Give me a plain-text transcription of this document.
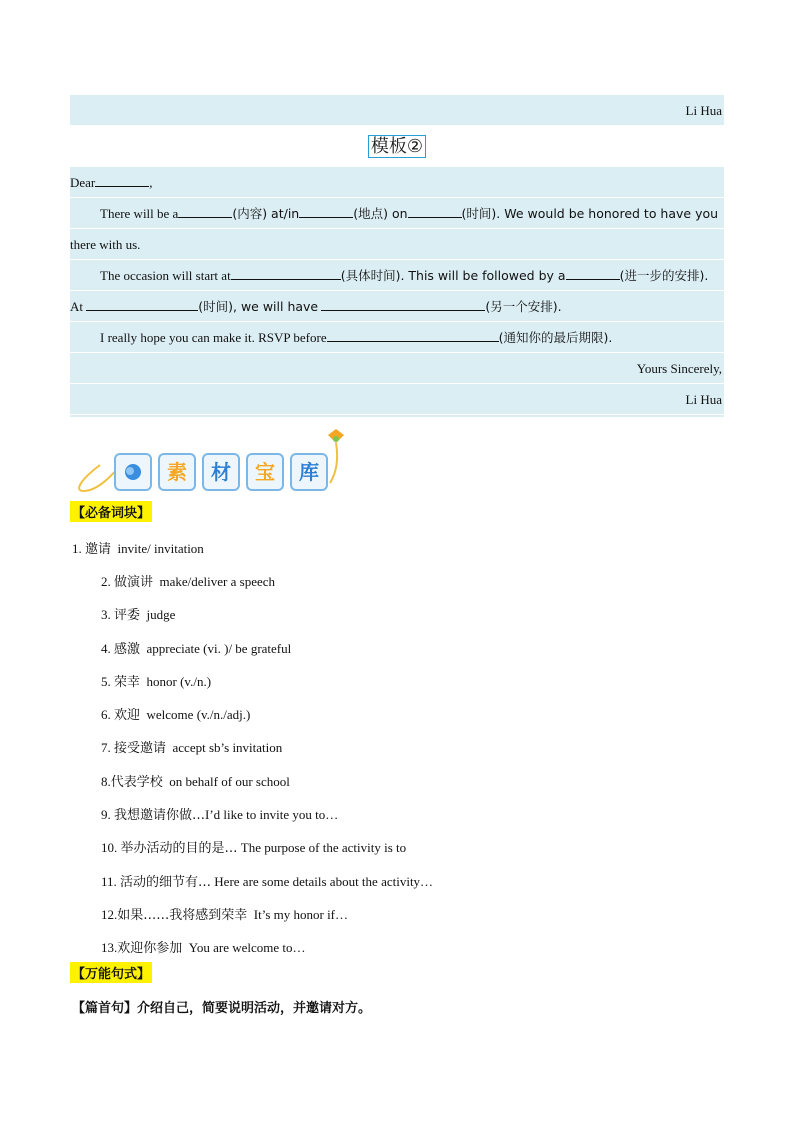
Li Hua
模板②
Dear	,
There will be a	(内容) at/in	(地点) on	(时间). We would be honored to have you
there with us.
The occasion will start at	(具体时间). This will be followed by a	(进一步的安排).
At	(时间), we will have	(另一个安排).
I really hope you can make it. RSVP before	(通知你的最后期限).
Yours Sincerely,
Li Hua
素	材	宝	库
【必备词块】
1. 邀请 invite/ invitation
2. 做演讲 make/deliver a speech
3. 评委 judge
4. 感激 appreciate (vi. )/ be grateful
5. 荣幸 honor (v./n.)
6. 欢迎 welcome (v./n./adj.)
7. 接受邀请 accept sb’s invitation
8.代表学校 on behalf of our school
9. 我想邀请你做…I’d like to invite you to…
10. 举办活动的目的是… The purpose of the activity is to
11. 活动的细节有… Here are some details about the activity…
12.如果……我将感到荣幸 It’s my honor if…
13.欢迎你参加 You are welcome to…
【万能句式】
【篇首句】介绍自己，简要说明活动，并邀请对方。
